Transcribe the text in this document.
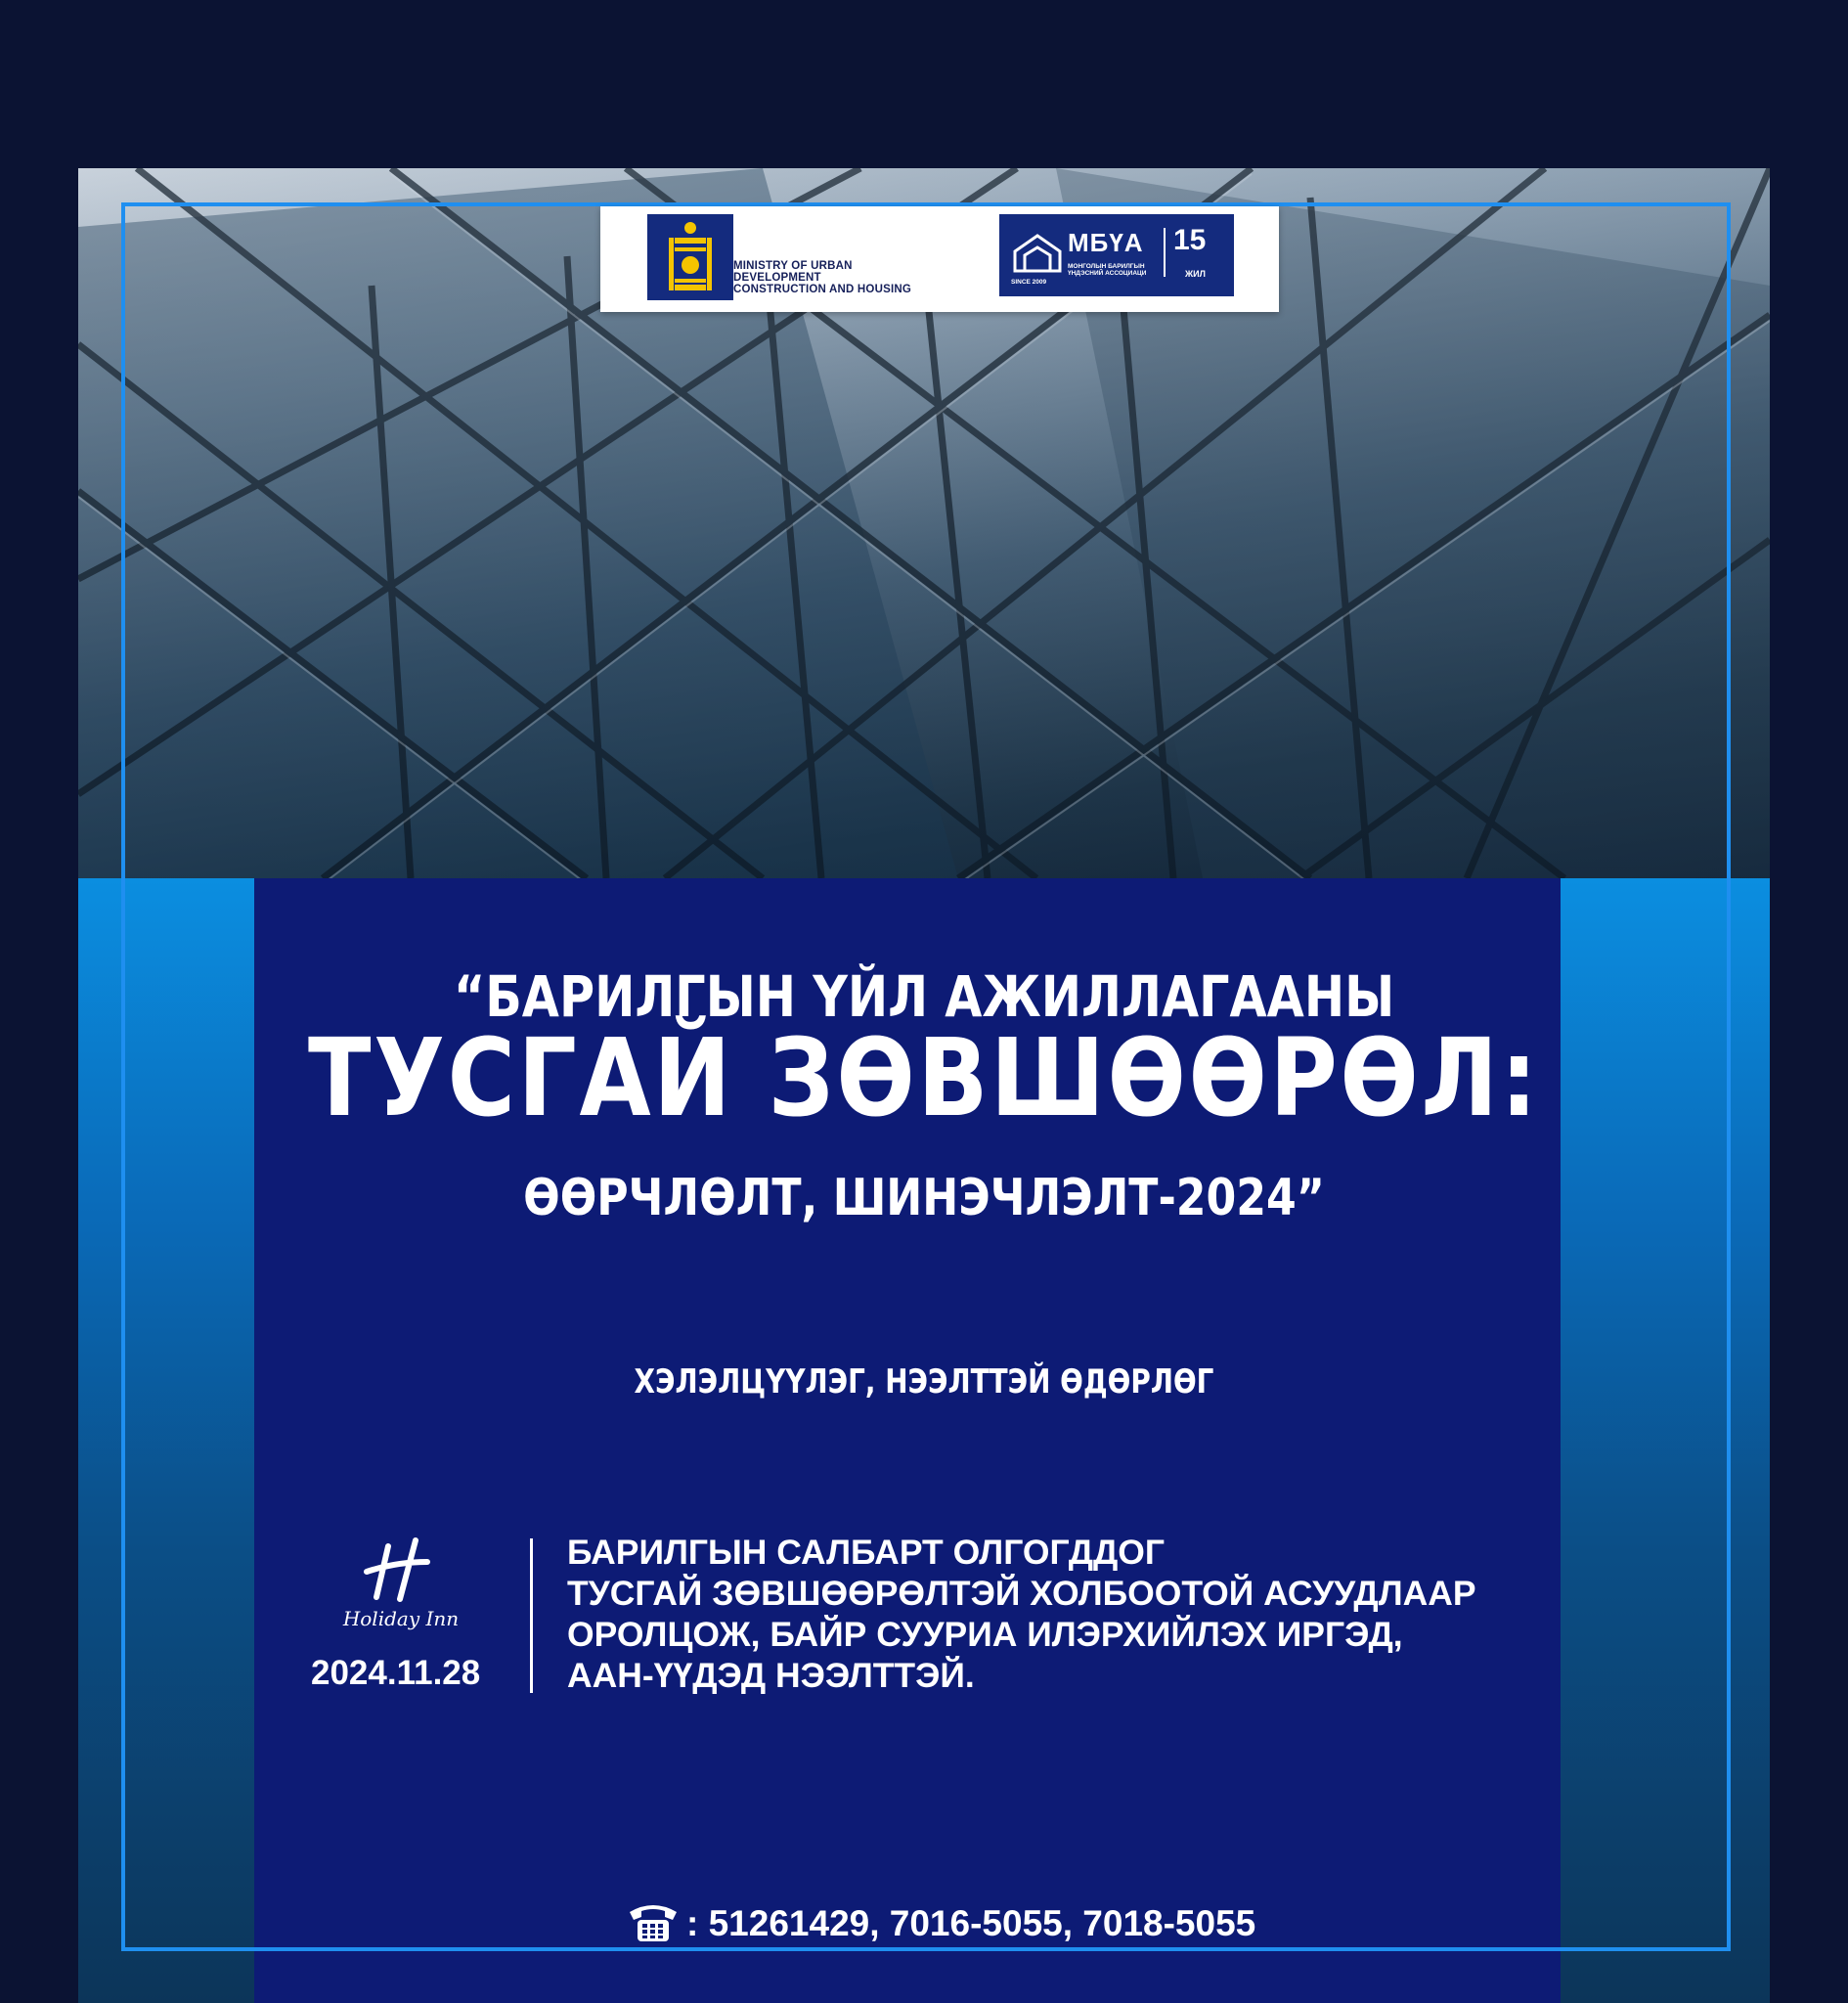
MINISTRY OF URBAN
DEVELOPMENT
CONSTRUCTION AND HOUSING
МБҮА
МОНГОЛЫН БАРИЛГЫН ҮНДЭСНИЙ АССОЦИАЦИ
SINCE 2009
15
ЖИЛ
“БАРИЛГЫН ҮЙЛ АЖИЛЛАГААНЫ
ТУСГАЙ ЗӨВШӨӨРӨЛ:
ӨӨРЧЛӨЛТ, ШИНЭЧЛЭЛТ-2024”
ХЭЛЭЛЦҮҮЛЭГ, НЭЭЛТТЭЙ ӨДӨРЛӨГ
Holiday Inn
2024.11.28
БАРИЛГЫН САЛБАРТ ОЛГОГДДОГ
ТУСГАЙ ЗӨВШӨӨРӨЛТЭЙ ХОЛБООТОЙ АСУУДЛААР
ОРОЛЦОЖ, БАЙР СУУРИА ИЛЭРХИЙЛЭХ ИРГЭД,
ААН-ҮҮДЭД НЭЭЛТТЭЙ.
: 51261429, 7016-5055, 7018-5055
